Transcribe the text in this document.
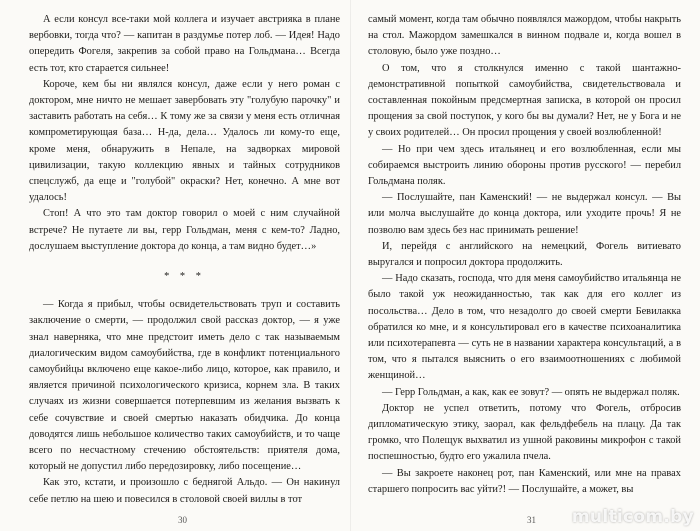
А если консул все-таки мой коллега и изучает австрияка в плане вербовки, тогда что? — капитан в раздумье потер лоб. — Идея! Надо опередить Фогеля, закрепив за собой право на Гольдмана… Всегда есть тот, кто старается сильнее!

Короче, кем бы ни являлся консул, даже если у него роман с доктором, мне ничто не мешает завербовать эту "голубую парочку" и заставить работать на себя… К тому же за связи у меня есть отличная компрометирующая база… Н-да, дела… Удалось ли кому-то еще, кроме меня, обнаружить в Непале, на задворках мировой цивилизации, такую коллекцию явных и тайных сотрудников спецслужб, да еще и "голубой" окраски? Нет, конечно. А мне вот удалось!

Стоп! А что это там доктор говорил о моей с ним случайной встрече? Не путаете ли вы, герр Гольдман, меня с кем-то? Ладно, дослушаем выступление доктора до конца, а там видно будет…»

* * *

— Когда я прибыл, чтобы освидетельствовать труп и составить заключение о смерти, — продолжил свой рассказ доктор, — я уже знал наверняка, что мне предстоит иметь дело с так называемым диалогическим видом самоубийства, где в конфликт потенциального самоубийцы включено еще какое-либо лицо, которое, как правило, и является причиной психологического кризиса, корнем зла. В таких случаях из жизни совершается потерпевшим из желания вызвать к себе сочувствие и своей смертью наказать обидчика. До конца доводятся лишь небольшое количество таких самоубийств, и то чаще всего по несчастному стечению обстоятельств: приятеля дома, который не допустил либо передозировку, либо посещение…

Как это, кстати, и произошло с беднягой Альдо. — Он накинул себе петлю на шею и повесился в столовой своей виллы в тот

самый момент, когда там обычно появлялся мажордом, чтобы накрыть на стол. Мажордом замешкался в винном подвале и, когда вошел в столовую, было уже поздно…

О том, что я столкнулся именно с такой шантажно-демонстративной попыткой самоубийства, свидетельствовала и составленная покойным предсмертная записка, в которой он просил прощения за свой поступок, у кого бы вы думали? Нет, не у Бога и не у своих родителей… Он просил прощения у своей возлюбленной!

— Но при чем здесь итальянец и его возлюбленная, если мы собираемся выстроить линию обороны против русского! — перебил Гольдмана поляк.

— Послушайте, пан Каменский! — не выдержал консул. — Вы или молча выслушайте до конца доктора, или уходите прочь! Я не позволю вам здесь без нас принимать решение!

И, перейдя с английского на немецкий, Фогель витиевато выругался и попросил доктора продолжить.

— Надо сказать, господа, что для меня самоубийство итальянца не было такой уж неожиданностью, так как для его коллег из посольства… Дело в том, что незадолго до своей смерти Бевилакка обратился ко мне, и я консультировал его в качестве психоаналитика или психотерапевта — суть не в названии характера консультаций, а в том, что я пытался выяснить о его взаимоотношениях с любимой женщиной…

— Герр Гольдман, а как, как ее зовут? — опять не выдержал поляк.

Доктор не успел ответить, потому что Фогель, отбросив дипломатическую этику, заорал, как фельдфебель на плацу. Да так громко, что Полещук выхватил из ушной раковины микрофон с такой поспешностью, будто его ужалила пчела.

— Вы закроете наконец рот, пан Каменский, или мне на правах старшего попросить вас уйти?! — Послушайте, а может, вы

30	31 multicom.by
